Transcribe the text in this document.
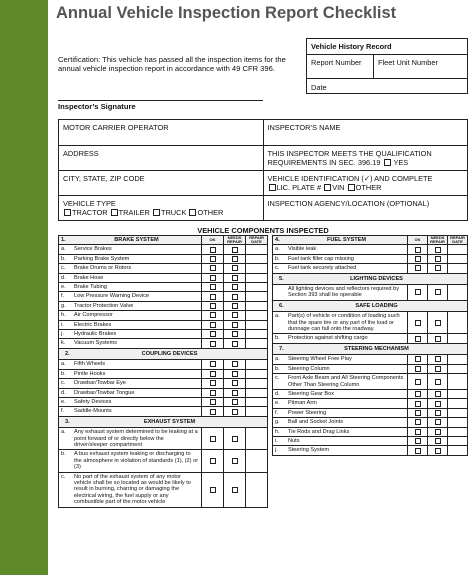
Annual Vehicle Inspection Report Checklist
Certification: This vehicle has passed all the inspection items for the annual vehicle inspection report in accordance with 49 CFR 396.
Vehicle History Record
Report Number	Fleet Unit Number
Date
Inspector’s Signature
MOTOR CARRIER OPERATOR	INSPECTOR’S NAME
ADDRESS	THIS INSPECTOR MEETS THE QUALIFICATION REQUIREMENTS IN SEC. 396.19 YES
CITY, STATE, ZIP CODE	VEHICLE IDENTIFICATION (✓) AND COMPLETE
LIC. PLATE # VIN OTHER

VEHICLE TYPE
TRACTOR TRAILER TRUCK OTHER	INSPECTION AGENCY/LOCATION (OPTIONAL)
VEHICLE COMPONENTS INSPECTED
1.	BRAKE SYSTEM	OK	NEEDS REPAIR
REPAIR DATE
a.	Service Brakes
b.	Parking Brake System
c.	Brake Drums or Rotors
d.	Brake Hose
e.	Brake Tubing
f.	Low Pressure Warning Device
g.	Tractor Protection Valve
h.	Air Compressor
i.	Electric Brakes
j.	Hydraulic Brakes
k.	Vacuum Systems
2.	COUPLING DEVICES
a.	Fifth Wheels
b.	Pintle Hooks
c.	Drawbar/Towbar Eye
d.	Drawbar/Towbar Tongue
e.	Safety Devices
f.	Saddle-Mounts
3.	EXHAUST SYSTEM
a.	Any exhaust system determined to be leaking at a point forward of or directly below the driver/sleeper compartment
b.	A bus exhaust system leaking or discharging to the atmosphere in violation of standards (1), (2) or (3)
c.	No part of the exhaust system of any motor vehicle shall be so located as would be likely to result in burning, charring or damaging the electrical wiring, the fuel supply or any combustible part of the motor vehicle
4.	FUEL SYSTEM	OK	NEEDS REPAIR
REPAIR DATE
a.	Visible leak
b.	Fuel tank filler cap missing
c.	Fuel tank securely attached
5.	LIGHTING DEVICES
All lighting devices and reflectors required by Section 393 shall be operable
6.	SAFE LOADING
a.	Part(s) of vehicle or condition of loading such that the spare tire or any part of the load or dunnage can fall onto the roadway.
b.	Protection against shifting cargo
7.	STEERING MECHANISM
a.	Steering Wheel Free Play
b.	Steering Column
c.	Front Axle Beam and All Steering Components Other Than Steering Column
d.	Steering Gear Box
e.	Pitman Arm
f.	Power Steering
g.	Ball and Socket Joints
h.	Tie Rods and Drag Links
i.	Nuts
j.	Steering System
